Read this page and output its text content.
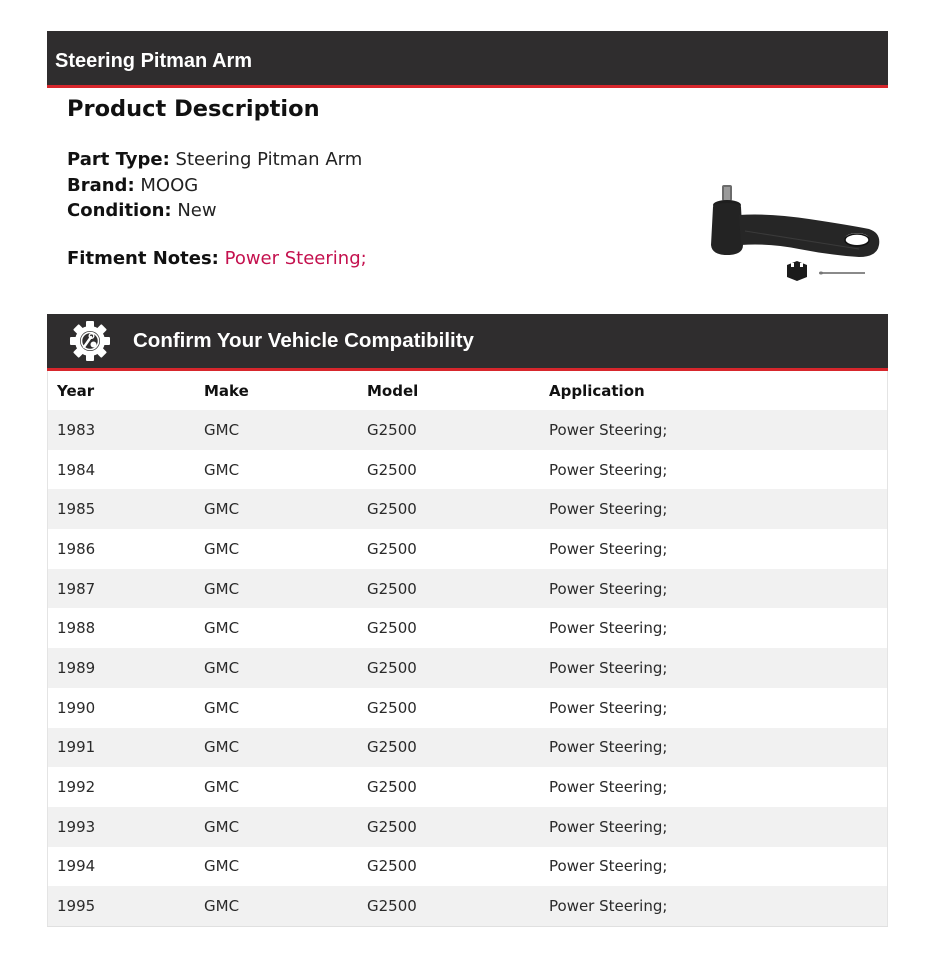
Steering Pitman Arm
Product Description
Part Type: Steering Pitman Arm
Brand: MOOG
Condition: New
Fitment Notes: Power Steering;
Confirm Your Vehicle Compatibility
Year	Make	Model	Application
1983	GMC	G2500	Power Steering;
1984	GMC	G2500	Power Steering;
1985	GMC	G2500	Power Steering;
1986	GMC	G2500	Power Steering;
1987	GMC	G2500	Power Steering;
1988	GMC	G2500	Power Steering;
1989	GMC	G2500	Power Steering;
1990	GMC	G2500	Power Steering;
1991	GMC	G2500	Power Steering;
1992	GMC	G2500	Power Steering;
1993	GMC	G2500	Power Steering;
1994	GMC	G2500	Power Steering;
1995	GMC	G2500	Power Steering;
